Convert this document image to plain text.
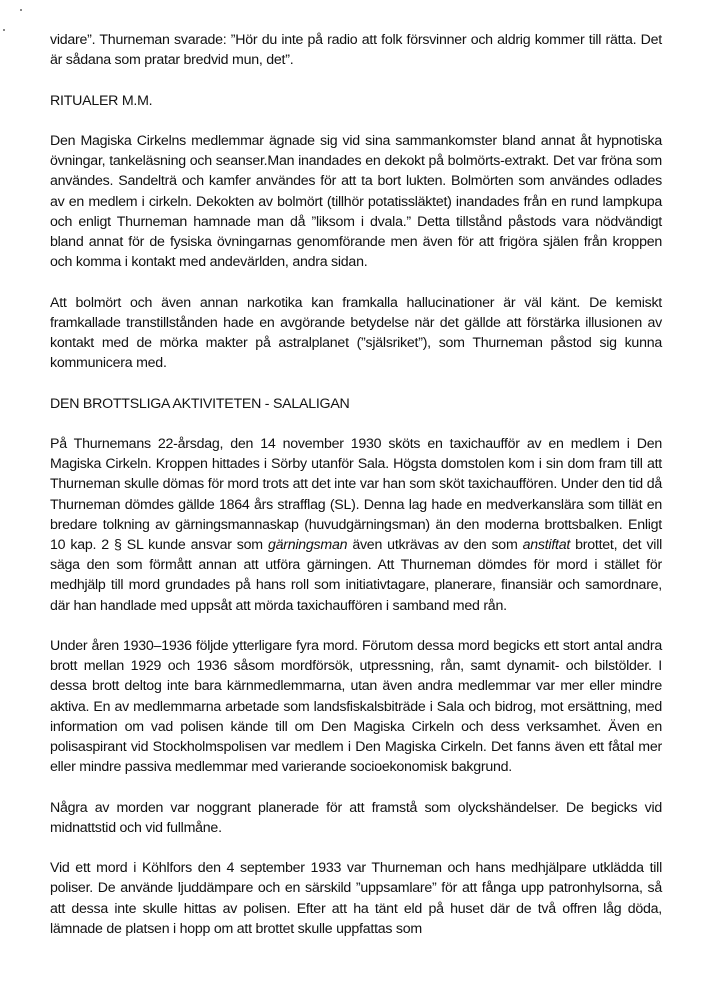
vidare”. Thurneman svarade: ”Hör du inte på radio att folk försvinner och aldrig kommer till rätta. Det är sådana som pratar bredvid mun, det”.

RITUALER M.M.

Den Magiska Cirkelns medlemmar ägnade sig vid sina sammankomster bland annat åt hypnotiska övningar, tankeläsning och seanser.Man inandades en dekokt på bolmörts-extrakt. Det var fröna som användes. Sandelträ och kamfer användes för att ta bort lukten. Bolmörten som användes odlades av en medlem i cirkeln. Dekokten av bolmört (tillhör potatissläktet) inandades från en rund lampkupa och enligt Thurneman hamnade man då ”liksom i dvala.” Detta tillstånd påstods vara nödvändigt bland annat för de fysiska övningarnas genomförande men även för att frigöra själen från kroppen och komma i kontakt med andevärlden, andra sidan.

Att bolmört och även annan narkotika kan framkalla hallucinationer är väl känt. De kemiskt framkallade transtillstånden hade en avgörande betydelse när det gällde att förstärka illusionen av kontakt med de mörka makter på astralplanet (”själsriket”), som Thurneman påstod sig kunna kommunicera med.

DEN BROTTSLIGA AKTIVITETEN - SALALIGAN

På Thurnemans 22-årsdag, den 14 november 1930 sköts en taxichaufför av en medlem i Den Magiska Cirkeln. Kroppen hittades i Sörby utanför Sala. Högsta domstolen kom i sin dom fram till att Thurneman skulle dömas för mord trots att det inte var han som sköt taxichauffören. Under den tid då Thurneman dömdes gällde 1864 års strafflag (SL). Denna lag hade en medverkanslära som tillät en bredare tolkning av gärningsmannaskap (huvudgärningsman) än den moderna brottsbalken. Enligt 10 kap. 2 § SL kunde ansvar som gärningsman även utkrävas av den som anstiftat brottet, det vill säga den som förmått annan att utföra gärningen. Att Thurneman dömdes för mord i stället för medhjälp till mord grundades på hans roll som initiativtagare, planerare, finansiär och samordnare, där han handlade med uppsåt att mörda taxichauffören i samband med rån.

Under åren 1930–1936 följde ytterligare fyra mord. Förutom dessa mord begicks ett stort antal andra brott mellan 1929 och 1936 såsom mordförsök, utpressning, rån, samt dynamit- och bilstölder. I dessa brott deltog inte bara kärnmedlemmarna, utan även andra medlemmar var mer eller mindre aktiva. En av medlemmarna arbetade som landsfiskalsbiträde i Sala och bidrog, mot ersättning, med information om vad polisen kände till om Den Magiska Cirkeln och dess verksamhet. Även en polisaspirant vid Stockholmspolisen var medlem i Den Magiska Cirkeln. Det fanns även ett fåtal mer eller mindre passiva medlemmar med varierande socioekonomisk bakgrund.

Några av morden var noggrant planerade för att framstå som olyckshändelser. De begicks vid midnattstid och vid fullmåne.

Vid ett mord i Köhlfors den 4 september 1933 var Thurneman och hans medhjälpare utklädda till poliser. De använde ljuddämpare och en särskild ”uppsamlare” för att fånga upp patronhylsorna, så att dessa inte skulle hittas av polisen. Efter att ha tänt eld på huset där de två offren låg döda, lämnade de platsen i hopp om att brottet skulle uppfattas som
